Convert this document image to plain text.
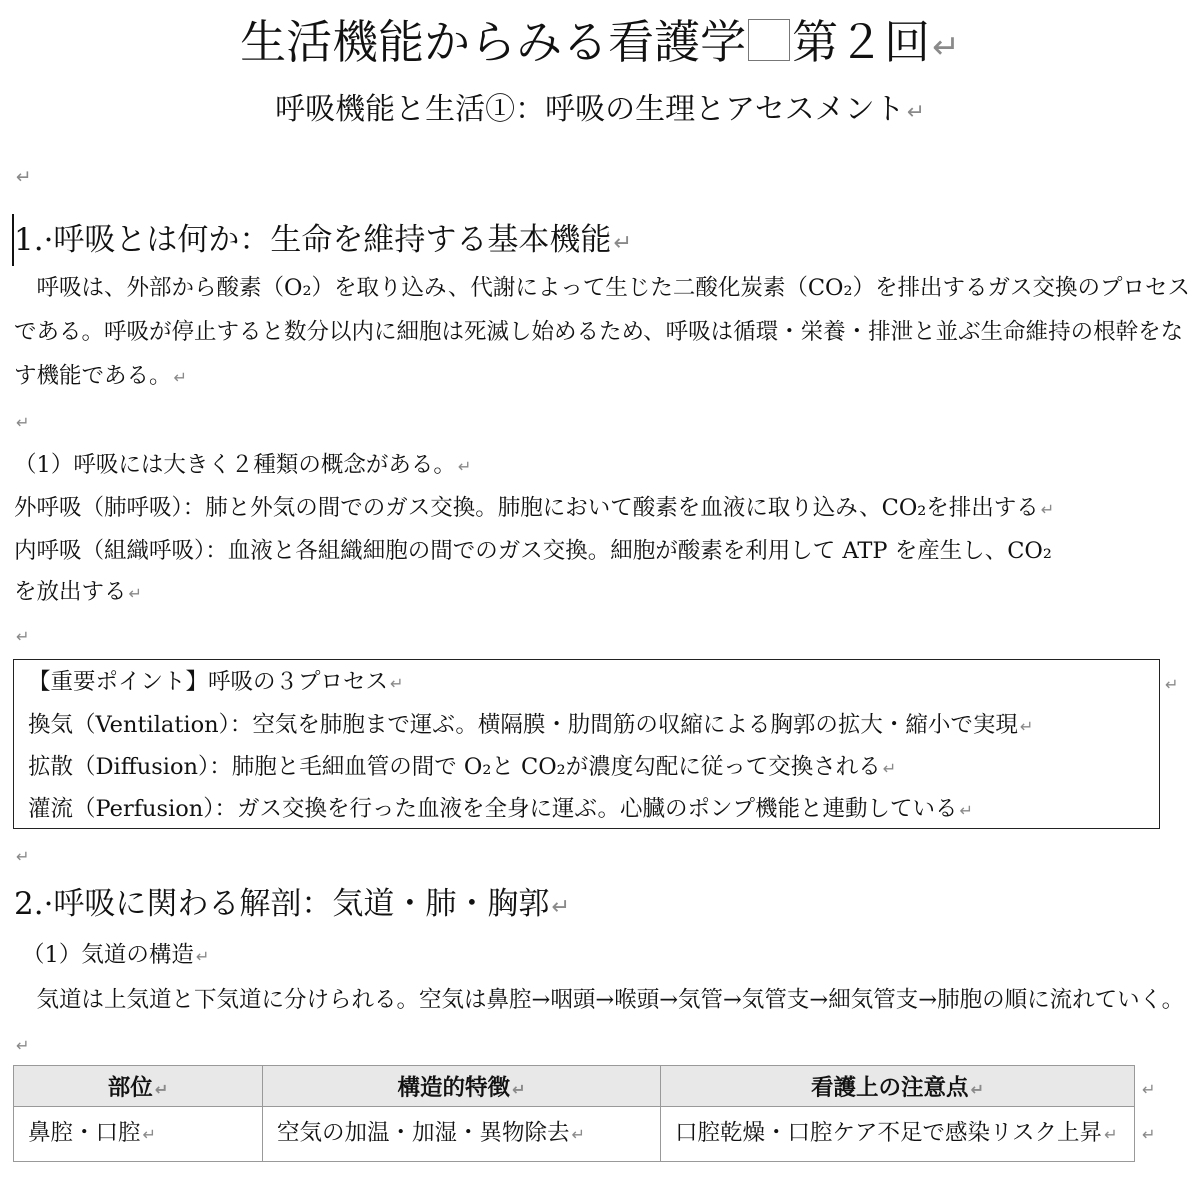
生活機能からみる看護学 第２回↵
呼吸機能と生活①：呼吸の生理とアセスメント↵
↵
1.·呼吸とは何か：生命を維持する基本機能↵
　呼吸は、外部から酸素（O₂）を取り込み、代謝によって生じた二酸化炭素（CO₂）を排出するガス交換のプロセスである。呼吸が停止すると数分以内に細胞は死滅し始めるため、呼吸は循環・栄養・排泄と並ぶ生命維持の根幹をなす機能である。 ↵
↵
（1）呼吸には大きく２種類の概念がある。 ↵
外呼吸（肺呼吸）：肺と外気の間でのガス交換。肺胞において酸素を血液に取り込み、CO₂を排出する ↵
内呼吸（組織呼吸）：血液と各組織細胞の間でのガス交換。細胞が酸素を利用して ATP を産生し、CO₂
を放出する ↵
↵
【重要ポイント】呼吸の３プロセス ↵
換気（Ventilation）：空気を肺胞まで運ぶ。横隔膜・肋間筋の収縮による胸郭の拡大・縮小で実現 ↵
拡散（Diffusion）：肺胞と毛細血管の間で O₂と CO₂が濃度勾配に従って交換される ↵
灌流（Perfusion）：ガス交換を行った血液を全身に運ぶ。心臓のポンプ機能と連動している ↵
↵
↵
2.·呼吸に関わる解剖：気道・肺・胸郭↵
（1）気道の構造 ↵
　気道は上気道と下気道に分けられる。空気は鼻腔→咽頭→喉頭→気管→気管支→細気管支→肺胞の順に流れていく。↵
部位 ↵	構造的特徴 ↵	看護上の注意点 ↵
鼻腔・口腔 ↵	空気の加温・加湿・異物除去 ↵	口腔乾燥・口腔ケア不足で感染リスク上昇 ↵
↵
↵
